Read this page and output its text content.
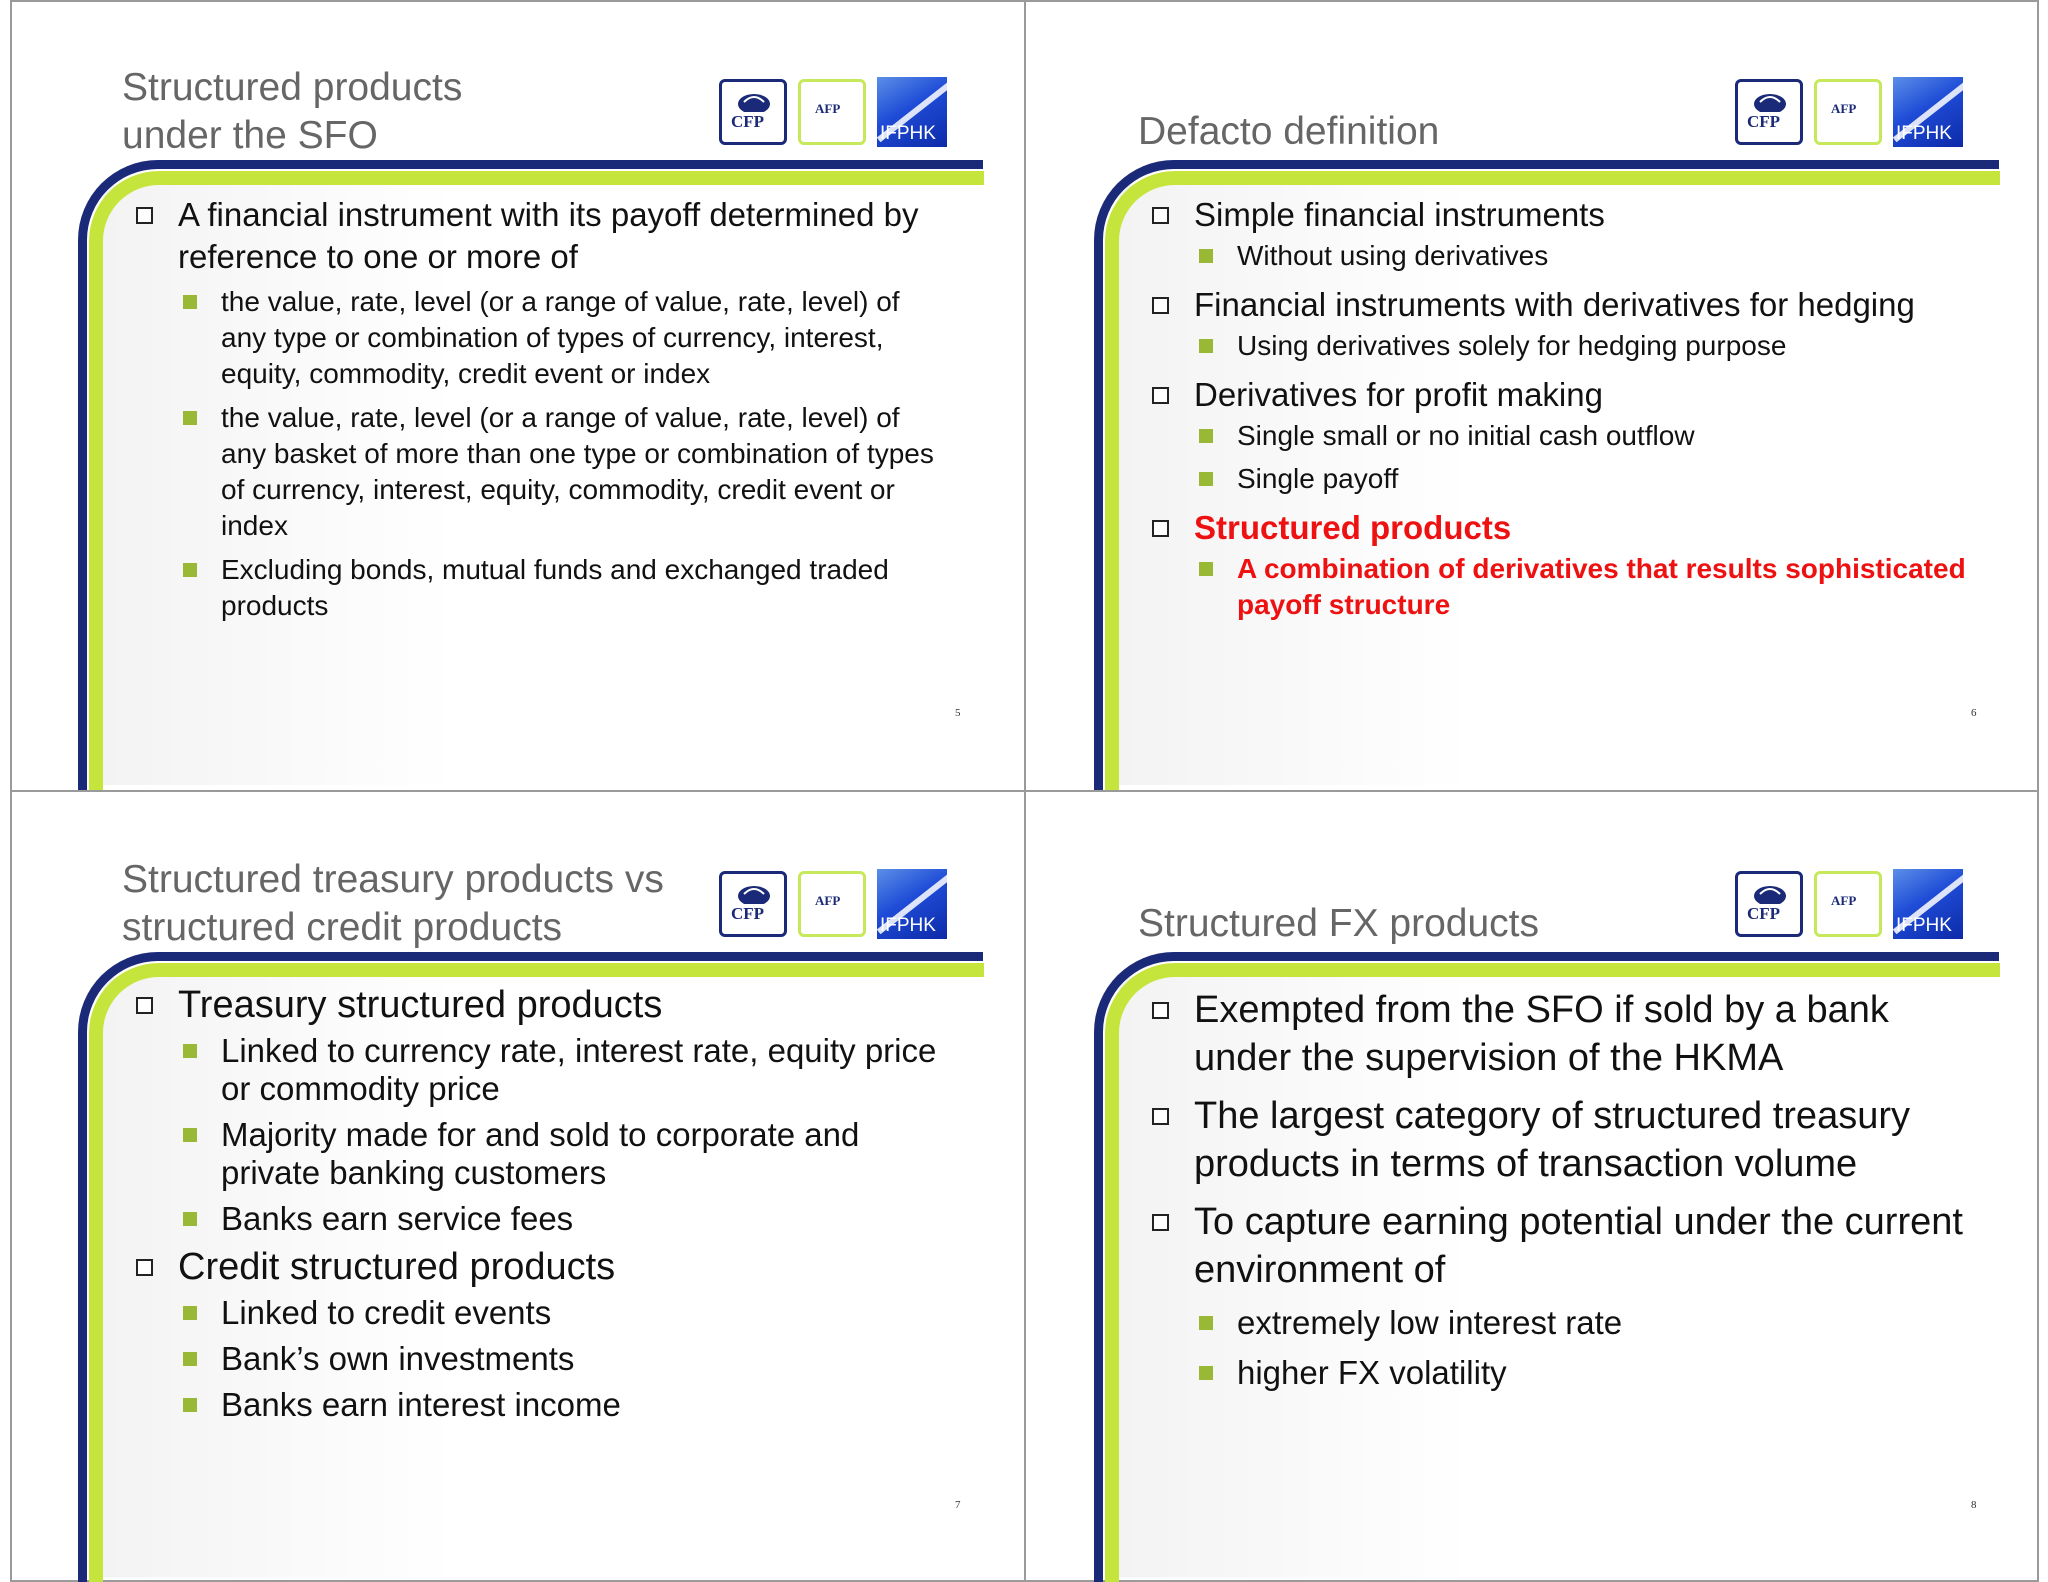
Structured products
under the SFO	CFP
AFP
IFPHK
A financial instrument with its payoff determined by reference to one or more of
the value, rate, level (or a range of value, rate, level) of any type or combination of types of currency, interest, equity, commodity, credit event or index
the value, rate, level (or a range of value, rate, level) of any basket of more than one type or combination of types of currency, interest, equity, commodity, credit event or index
Excluding bonds, mutual funds and exchanged traded products
5
Defacto definition	CFP
AFP
IFPHK
Simple financial instruments
Without using derivatives
Financial instruments with derivatives for hedging
Using derivatives solely for hedging purpose
Derivatives for profit making
Single small or no initial cash outflow
Single payoff
Structured products
A combination of derivatives that results sophisticated payoff structure
6
Structured treasury products vs
structured credit products	CFP
AFP
IFPHK
Treasury structured products
Linked to currency rate, interest rate, equity price or commodity price
Majority made for and sold to corporate and private banking customers
Banks earn service fees
Credit structured products
Linked to credit events
Bank’s own investments
Banks earn interest income
7
Structured FX products	CFP
AFP
IFPHK
Exempted from the SFO if sold by a bank under the supervision of the HKMA
The largest category of structured treasury products in terms of transaction volume
To capture earning potential under the current environment of
extremely low interest rate
higher FX volatility
8
